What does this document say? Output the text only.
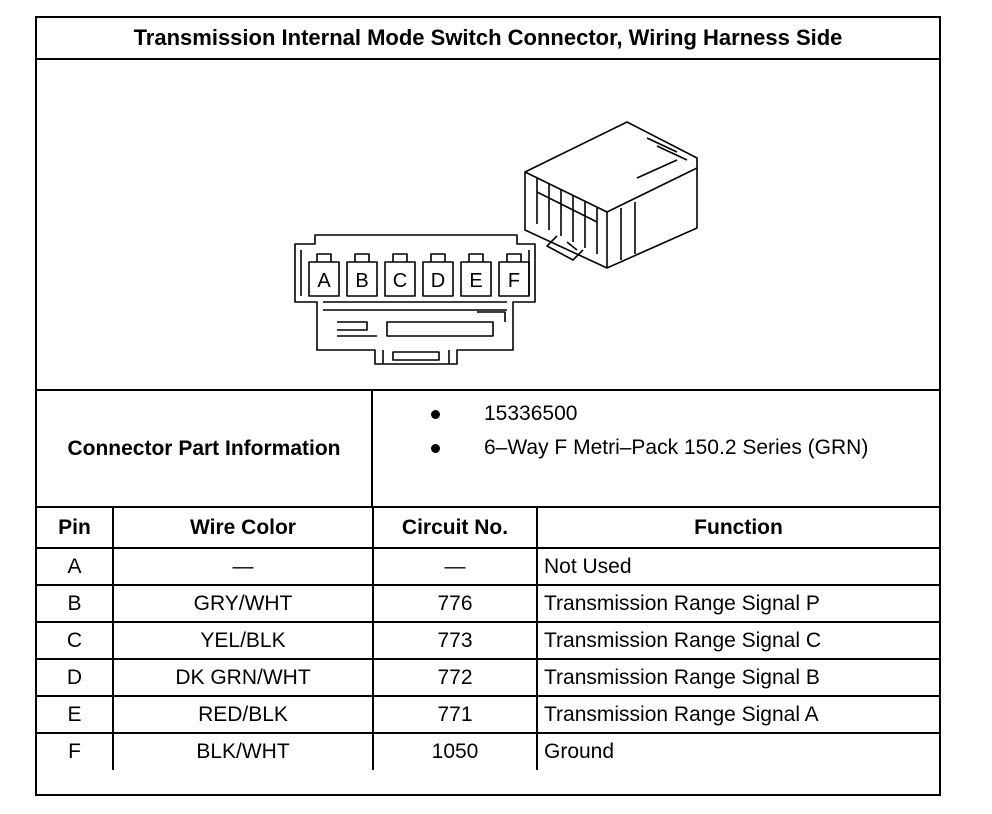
Transmission Internal Mode Switch Connector, Wiring Harness Side
A B C D E F
Connector Part Information
15336500
6–Way F Metri–Pack 150.2 Series (GRN)
Pin	Wire Color	Circuit No.	Function
A	—	—	Not Used
B	GRY/WHT	776	Transmission Range Signal P
C	YEL/BLK	773	Transmission Range Signal C
D	DK GRN/WHT	772	Transmission Range Signal B
E	RED/BLK	771	Transmission Range Signal A
F	BLK/WHT	1050	Ground
